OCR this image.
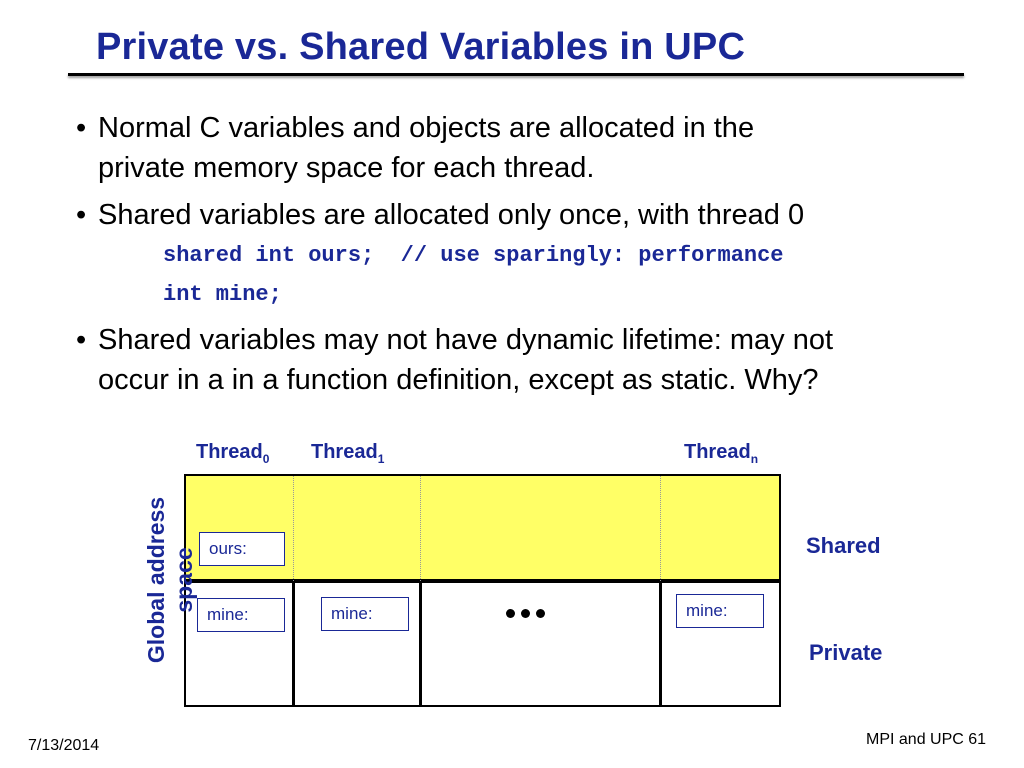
Private vs. Shared Variables in UPC
• Normal C variables and objects are allocated in the
private memory space for each thread.
• Shared variables are allocated only once, with thread 0
shared int ours;  // use sparingly: performance
int mine;
• Shared variables may not have dynamic lifetime: may not
occur in a in a function definition, except as static. Why?
Thread$_0$ Thread$_1$	Thread$_n$
ours:
mine:	mine:	mine:
Shared
Private
Global address space
7/13/2014	MPI and UPC 61
